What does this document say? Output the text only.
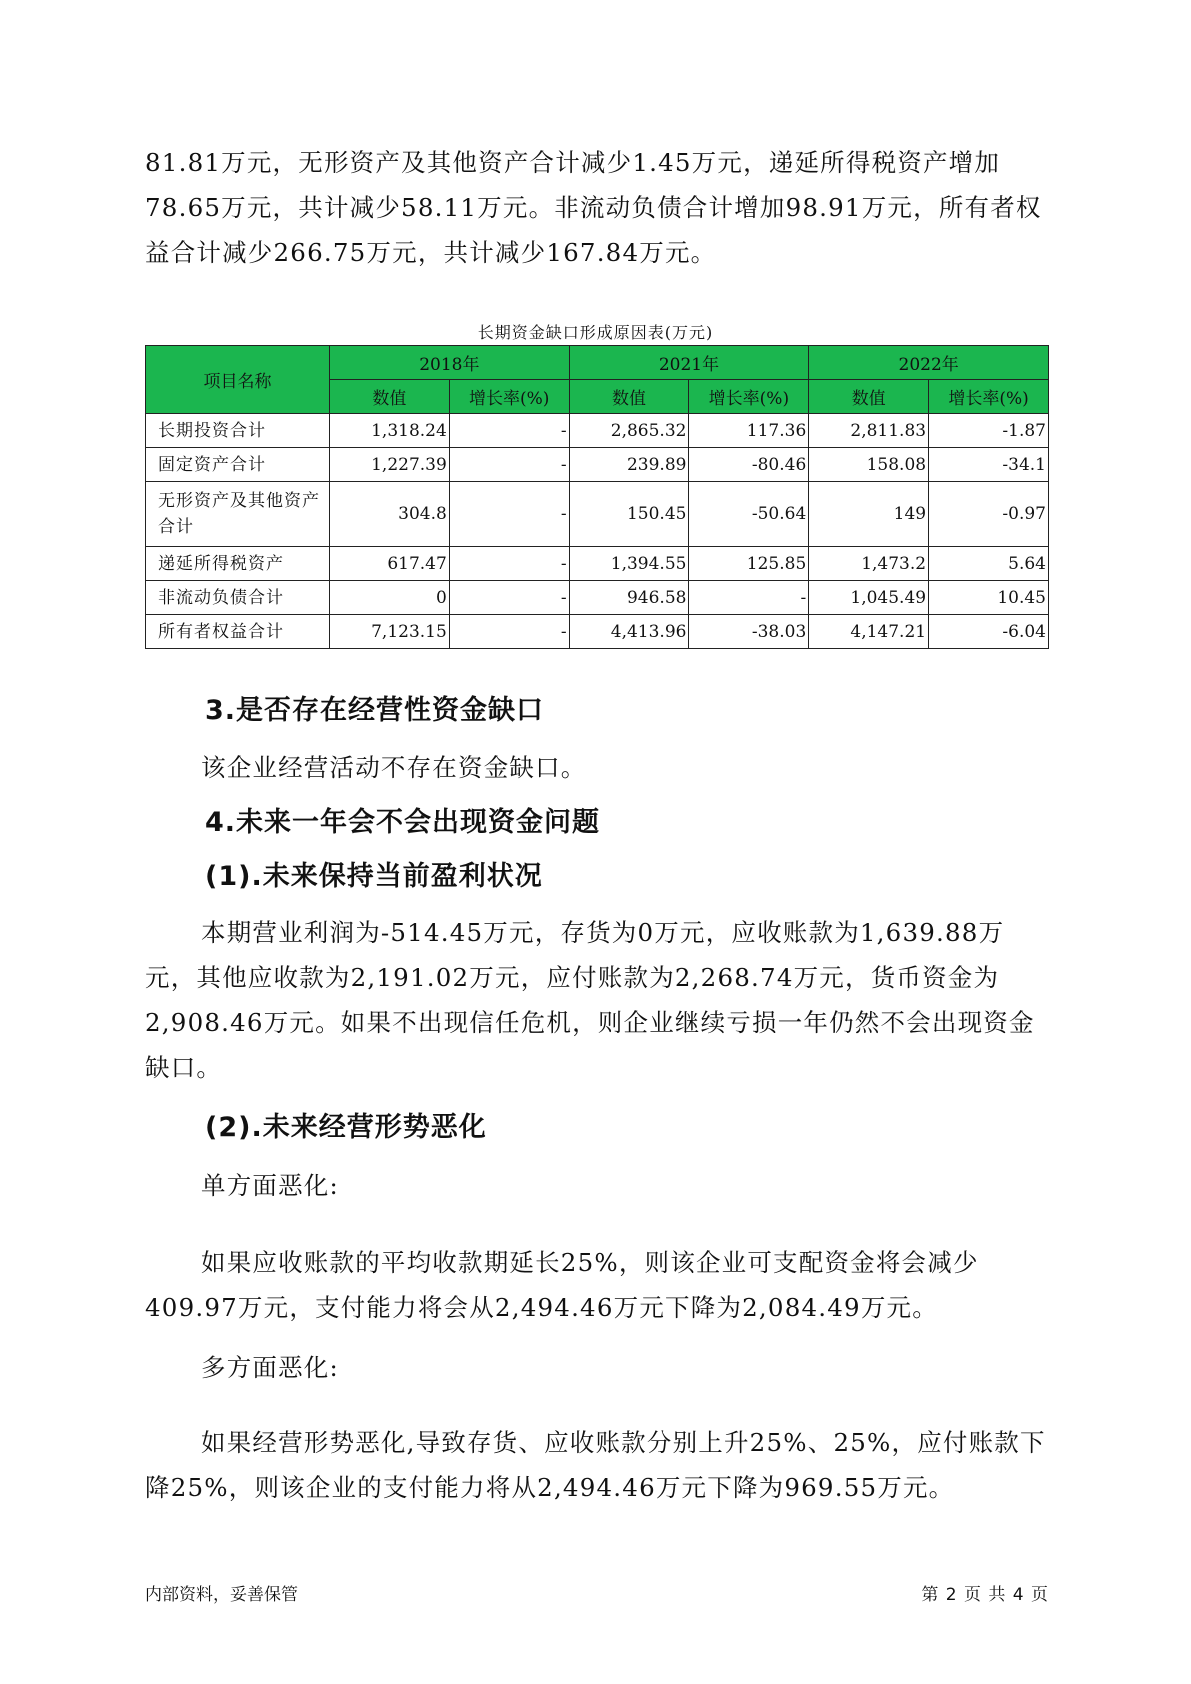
81.81万元，无形资产及其他资产合计减少1.45万元，递延所得税资产增加78.65万元，共计减少58.11万元。非流动负债合计增加98.91万元，所有者权益合计减少266.75万元，共计减少167.84万元。

长期资金缺口形成原因表(万元)
项目名称	2018年		2021年		2022年	
	数值	增长率(%)	数值	增长率(%)	数值	增长率(%)
长期投资合计	1,318.24	-	2,865.32	117.36	2,811.83	-1.87
固定资产合计	1,227.39	-	239.89	-80.46	158.08	-34.1
无形资产及其他资产合计	304.8	-	150.45	-50.64	149	-0.97
递延所得税资产	617.47	-	1,394.55	125.85	1,473.2	5.64
非流动负债合计	0	-	946.58	-	1,045.49	10.45
所有者权益合计	7,123.15	-	4,413.96	-38.03	4,147.21	-6.04
3.是否存在经营性资金缺口

该企业经营活动不存在资金缺口。

4.未来一年会不会出现资金问题
(1).未来保持当前盈利状况

本期营业利润为-514.45万元，存货为0万元，应收账款为1,639.88万元，其他应收款为2,191.02万元，应付账款为2,268.74万元，货币资金为2,908.46万元。如果不出现信任危机，则企业继续亏损一年仍然不会出现资金缺口。

(2).未来经营形势恶化

单方面恶化:

如果应收账款的平均收款期延长25%，则该企业可支配资金将会减少409.97万元，支付能力将会从2,494.46万元下降为2,084.49万元。

多方面恶化:

如果经营形势恶化,导致存货、应收账款分别上升25%、25%，应付账款下降25%，则该企业的支付能力将从2,494.46万元下降为969.55万元。

内部资料，妥善保管	第 2 页 共 4 页
